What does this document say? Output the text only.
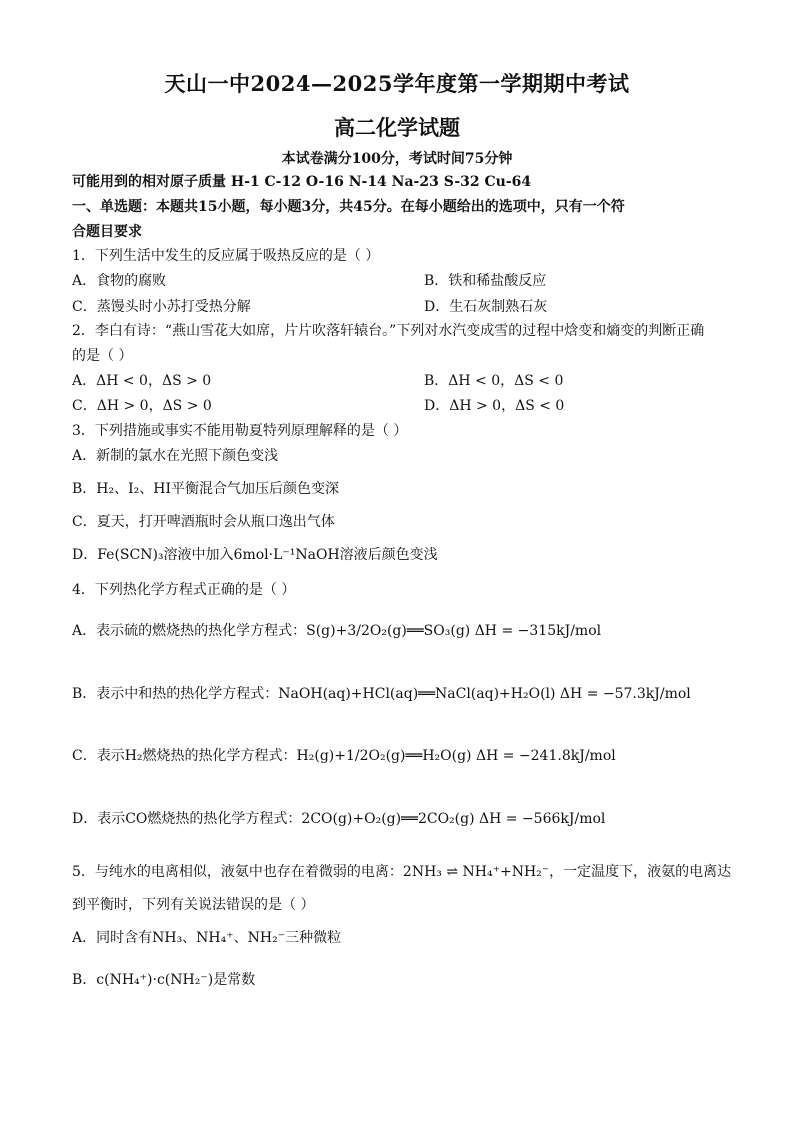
天山一中2024—2025学年度第一学期期中考试
高二化学试题
本试卷满分100分，考试时间75分钟
可能用到的相对原子质量 H-1 C-12 O-16 N-14 Na-23 S-32 Cu-64
一、单选题：本题共15小题，每小题3分，共45分。在每小题给出的选项中，只有一个符
合题目要求
1．下列生活中发生的反应属于吸热反应的是（ ）
A．食物的腐败	B．铁和稀盐酸反应
C．蒸馒头时小苏打受热分解	D．生石灰制熟石灰
2．李白有诗：“燕山雪花大如席，片片吹落轩辕台。”下列对水汽变成雪的过程中焓变和熵变的判断正确
的是（ ）
A．ΔH < 0，ΔS > 0	B．ΔH < 0，ΔS < 0
C．ΔH > 0，ΔS > 0	D．ΔH > 0，ΔS < 0
3．下列措施或事实不能用勒夏特列原理解释的是（ ）
A．新制的氯水在光照下颜色变浅
B．H₂、I₂、HI平衡混合气加压后颜色变深
C．夏天，打开啤酒瓶时会从瓶口逸出气体
D．Fe(SCN)₃溶液中加入6mol·L⁻¹NaOH溶液后颜色变浅
4．下列热化学方程式正确的是（ ）
A．表示硫的燃烧热的热化学方程式：S(g)+3/2O₂(g)══SO₃(g) ΔH = −315kJ/mol
B．表示中和热的热化学方程式：NaOH(aq)+HCl(aq)══NaCl(aq)+H₂O(l) ΔH = −57.3kJ/mol
C．表示H₂燃烧热的热化学方程式：H₂(g)+1/2O₂(g)══H₂O(g) ΔH = −241.8kJ/mol
D．表示CO燃烧热的热化学方程式：2CO(g)+O₂(g)══2CO₂(g) ΔH = −566kJ/mol
5．与纯水的电离相似，液氨中也存在着微弱的电离：2NH₃ ⇌ NH₄⁺+NH₂⁻，一定温度下，液氨的电离达
到平衡时，下列有关说法错误的是（ ）
A．同时含有NH₃、NH₄⁺、NH₂⁻三种微粒
B．c(NH₄⁺)·c(NH₂⁻)是常数
